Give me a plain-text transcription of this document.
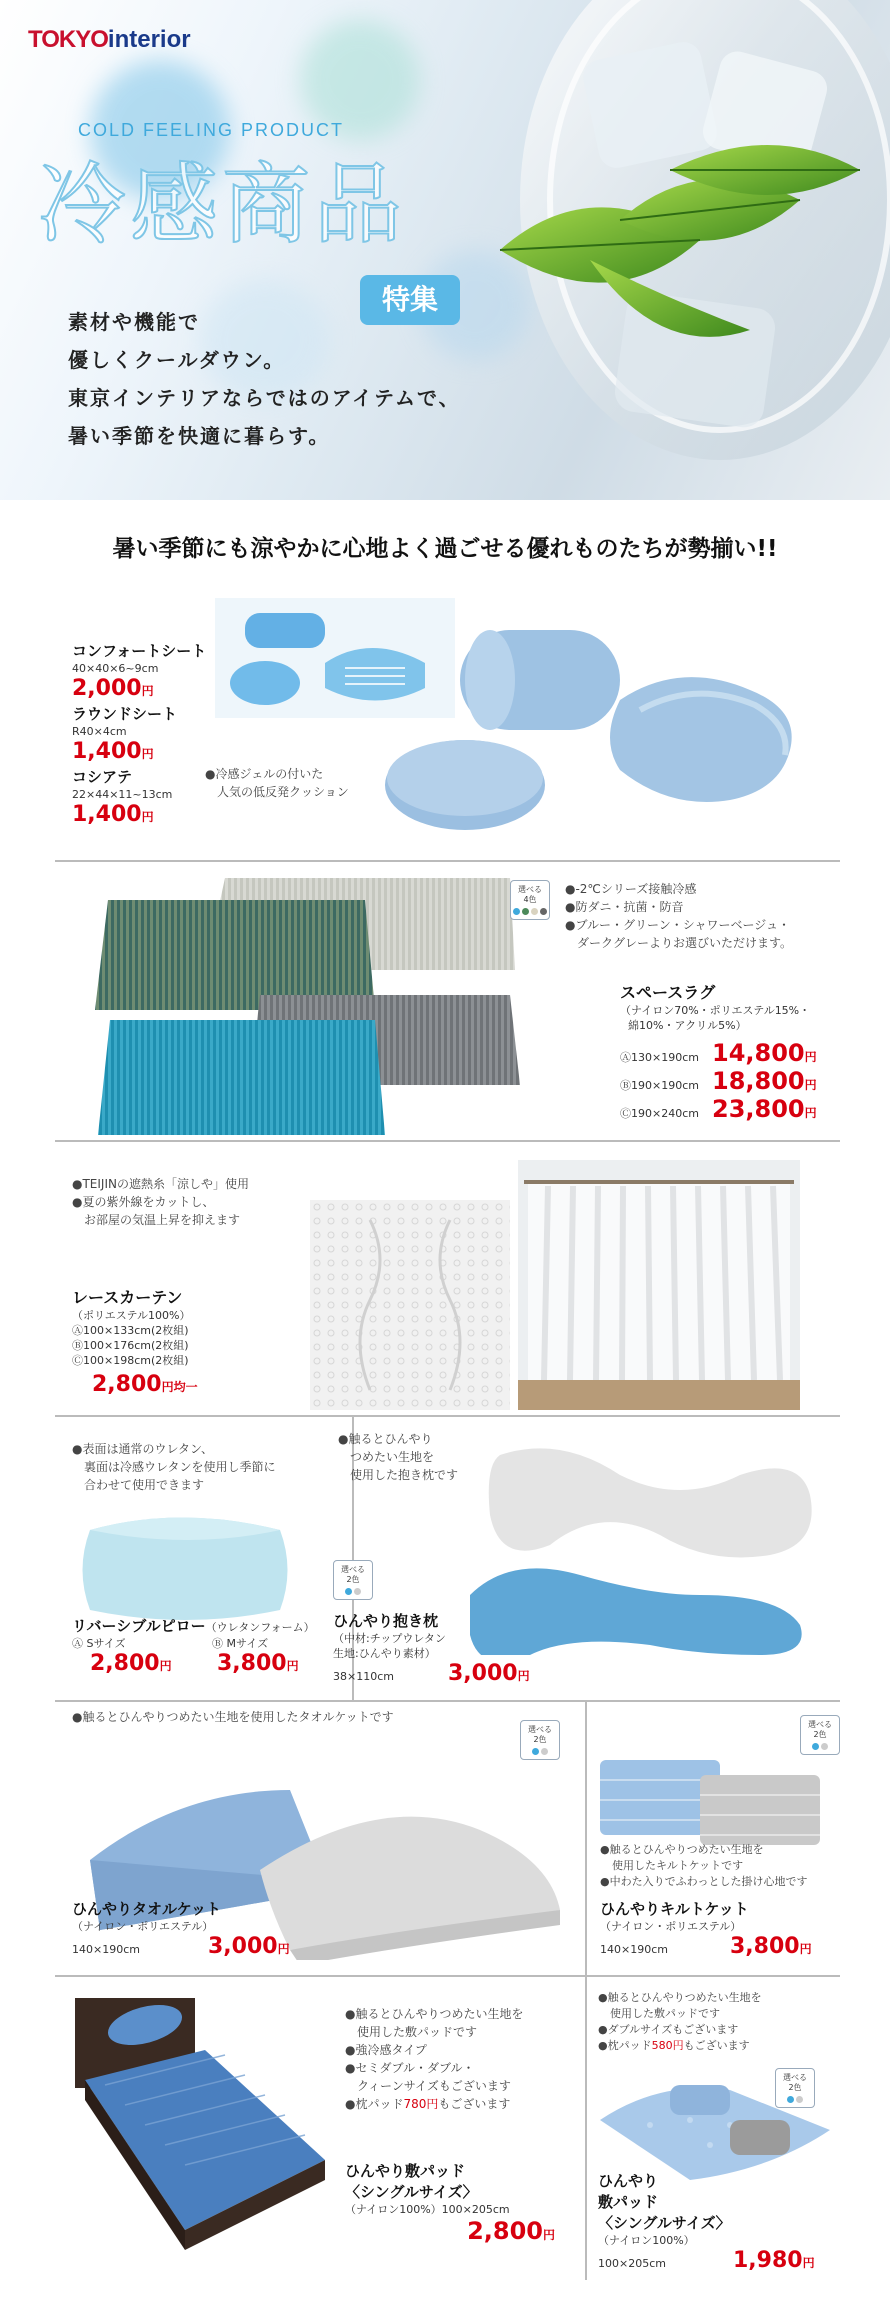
TOKYOinterior
COLD FEELING PRODUCT
冷感商品
特集
素材や機能で
優しくクールダウン。
東京インテリアならではのアイテムで、
暑い季節を快適に暮らす。
暑い季節にも涼やかに心地よく過ごせる優れものたちが勢揃い!!
コンフォートシート
40×40×6~9cm
2,000円
ラウンドシート
R40×4cm
1,400円
コシアテ
22×44×11~13cm
1,400円
●冷感ジェルの付いた
人気の低反発クッション
選べる
4色
●-2℃シリーズ接触冷感
●防ダニ・抗菌・防音
●ブルー・グリーン・シャワーベージュ・
ダークグレーよりお選びいただけます。
スペースラグ
（ナイロン70%・ポリエステル15%・
綿10%・アクリル5%）
Ⓐ130×190cm 14,800 円
Ⓑ190×190cm 18,800 円
Ⓒ190×240cm 23,800 円
●TEIJINの遮熱糸「涼しや」使用
●夏の紫外線をカットし、
お部屋の気温上昇を抑えます
レースカーテン
（ポリエステル100%）
Ⓐ100×133cm(2枚組)
Ⓑ100×176cm(2枚組)
Ⓒ100×198cm(2枚組)
2,800円均一
●表面は通常のウレタン、
裏面は冷感ウレタンを使用し季節に
合わせて使用できます
リバーシブルピロー（ウレタンフォーム）
Ⓐ Sサイズ	Ⓑ Mサイズ
2,800円	3,800円
●触るとひんやり
つめたい生地を
使用した抱き枕です
選べる
2色
ひんやり抱き枕
（中材:チップウレタン
生地:ひんやり素材）
38×110cm	3,000円
●触るとひんやりつめたい生地を使用したタオルケットです
選べる
2色
ひんやりタオルケット
（ナイロン・ポリエステル）
140×190cm	3,000円
選べる
2色
●触るとひんやりつめたい生地を
使用したキルトケットです
●中わた入りでふわっとした掛け心地です
ひんやりキルトケット
（ナイロン・ポリエステル）
140×190cm	3,800円
●触るとひんやりつめたい生地を
使用した敷パッドです
●強冷感タイプ
●セミダブル・ダブル・
クィーンサイズもございます
●枕パッド780円もございます
ひんやり敷パッド
〈シングルサイズ〉
（ナイロン100%）100×205cm
2,800円
●触るとひんやりつめたい生地を
使用した敷パッドです
●ダブルサイズもございます
●枕パッド580円もございます
選べる
2色
ひんやり
敷パッド
〈シングルサイズ〉
（ナイロン100%）
100×205cm	1,980円
